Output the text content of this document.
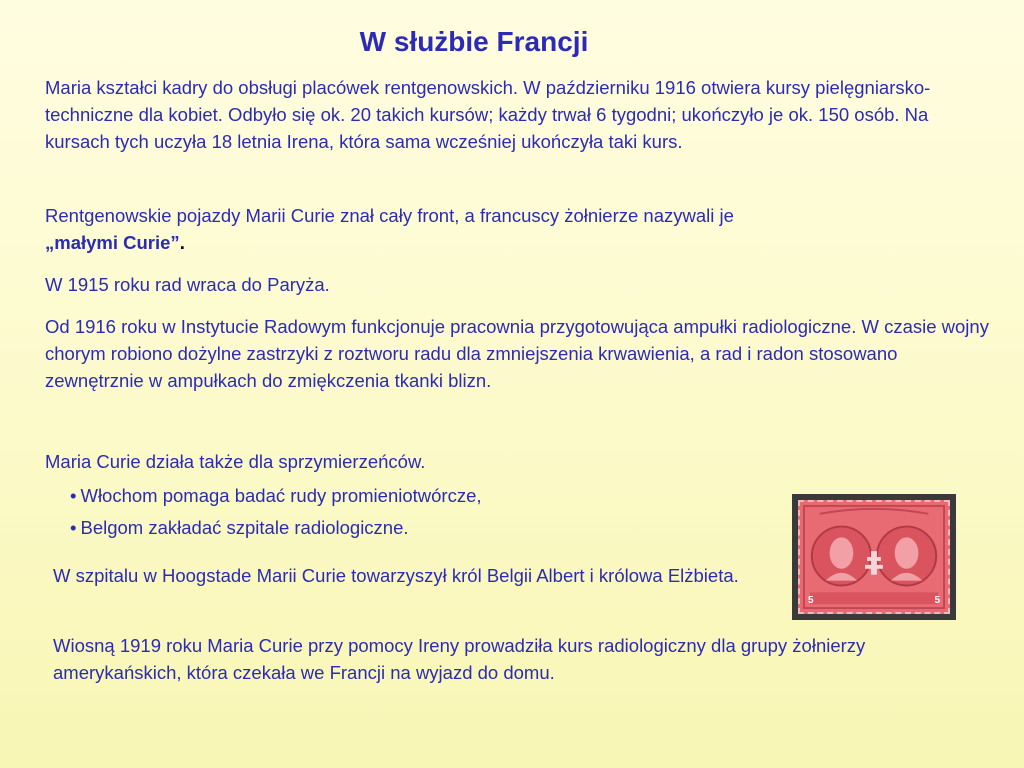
W służbie Francji

Maria kształci kadry do obsługi placówek rentgenowskich. W październiku 1916 otwiera kursy pielęgniarsko-techniczne dla kobiet. Odbyło się ok. 20 takich kursów; każdy trwał 6 tygodni; ukończyło je ok. 150 osób. Na kursach tych uczyła 18 letnia Irena, która sama wcześniej ukończyła taki kurs.

Rentgenowskie pojazdy Marii Curie znał cały front, a francuscy żołnierze nazywali je
„małymi Curie”.

W 1915 roku rad wraca do Paryża.

Od 1916 roku w Instytucie Radowym funkcjonuje pracownia przygotowująca ampułki radiologiczne. W czasie wojny chorym robiono dożylne zastrzyki z roztworu radu dla zmniejszenia krwawienia, a rad i radon stosowano zewnętrznie w ampułkach do zmiękczenia tkanki blizn.

Maria Curie działa także dla sprzymierzeńców.

• Włochom pomaga badać rudy promieniotwórcze,
• Belgom zakładać szpitale radiologiczne.

W szpitalu w Hoogstade Marii Curie towarzyszył król Belgii Albert i królowa Elżbieta.

Wiosną 1919 roku Maria Curie przy pomocy Ireny prowadziła kurs radiologiczny dla grupy żołnierzy amerykańskich, która czekała we Francji na wyjazd do domu.

5	5
